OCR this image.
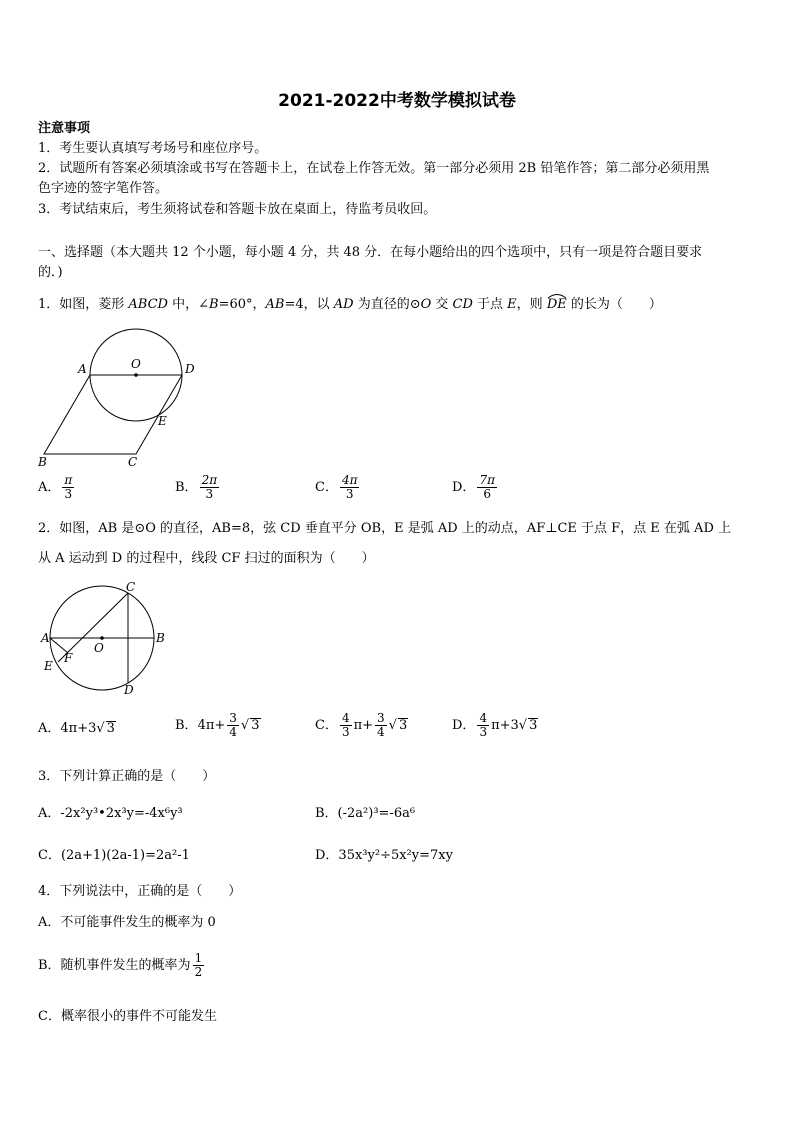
2021-2022中考数学模拟试卷
注意事项
1．考生要认真填写考场号和座位序号。
2．试题所有答案必须填涂或书写在答题卡上，在试卷上作答无效。第一部分必须用 2B 铅笔作答；第二部分必须用黑
色字迹的签字笔作答。
3．考试结束后，考生须将试卷和答题卡放在桌面上，待监考员收回。
一、选择题（本大题共 12 个小题，每小题 4 分，共 48 分．在每小题给出的四个选项中，只有一项是符合题目要求
的．)
1．如图，菱形 ABCD 中，∠B=60°，AB=4，以 AD 为直径的⊙O 交 CD 于点 E，则 DE
的长为（　　）
A	O	D
E
B	C
A． $\frac{\pi}{3}$	B． $\frac{2\pi}{3}$	C． $\frac{4\pi}{3}$	D． $\frac{7\pi}{6}$
2．如图，AB 是⊙O 的直径，AB=8，弦 CD 垂直平分 OB，E 是弧 AD 上的动点，AF⊥CE 于点 F，点 E 在弧 AD 上
从 A 运动到 D 的过程中，线段 CF 扫过的面积为（　　）
A	B
C
D
E
F
O
A．4π+3√ 3	B．$4\pi+ \frac{3}{4}$ √ 3	C． $\frac{4}{3} \pi+ \frac{3}{4}$ √ 3	D． $\frac{4}{3} \pi+3√$ 3
3．下列计算正确的是（　　）
A．-2x²y³•2x³y=-4x⁶y³	B．(-2a²)³=-6a⁶
C．(2a+1)(2a-1)=2a²-1	D．35x³y²÷5x²y=7xy
4．下列说法中，正确的是（　　）
A．不可能事件发生的概率为 0
B．随机事件发生的概率为 $\frac{1}{2}$
C．概率很小的事件不可能发生
